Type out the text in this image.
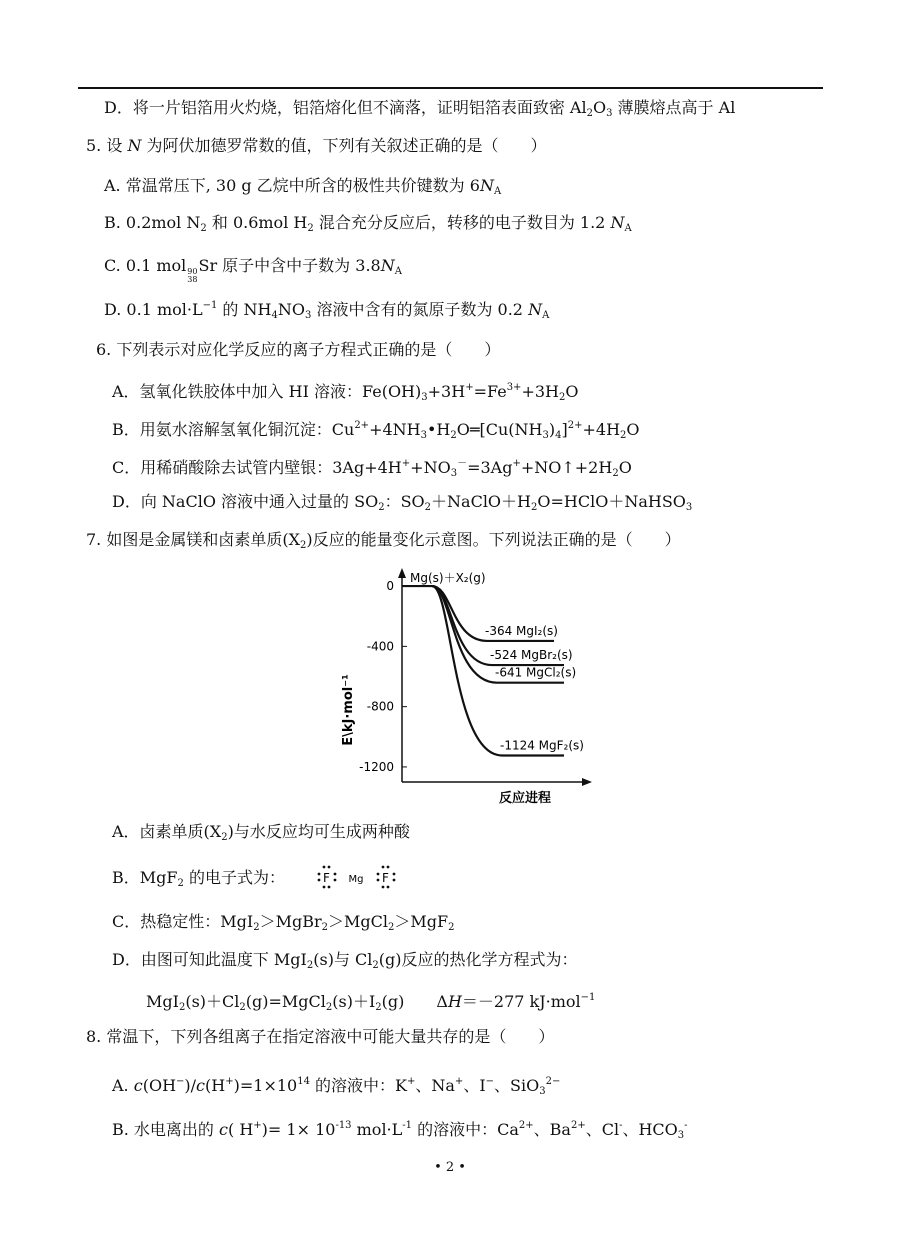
D．将一片铝箔用火灼烧，铝箔熔化但不滴落，证明铝箔表面致密 $Al_2O_3$ 薄膜熔点高于 Al
5. 设 N 为阿伏加德罗常数的值，下列有关叙述正确的是（　　）
A. 常温常压下, 30 g 乙烷中所含的极性共价键数为 $6N_A$
B. 0.2mol $N_2$ 和 0.6mol $H_2$ 混合充分反应后，转移的电子数目为 1.2 $N_A$
C. 0.1 mol 90
38
Sr 原子中含中子数为 $3.8N_A$
D. 0.1 $mol\cdot L^{-1}$ 的 $NH_4NO_3$ 溶液中含有的氮原子数为 0.2 $N_A$
6. 下列表示对应化学反应的离子方程式正确的是（　　）
A．氢氧化铁胶体中加入 HI 溶液：$Fe(OH)_3+3H^+=Fe^{3+}+3H_2O$
B．用氨水溶解氢氧化铜沉淀：$Cu^{2+}+4NH_3•H_2O═[Cu(NH_3)_4]^{2+}+4H_2O$
C．用稀硝酸除去试管内壁银：$3Ag+4H^++NO_3^-=3Ag^++NO↑+2H_2O$
D．向 NaClO 溶液中通入过量的 $SO_2$：$SO_2+NaClO+H_2O=HClO+NaHSO_3$
7. 如图是金属镁和卤素单质$(X_2)$反应的能量变化示意图。下列说法正确的是（　　）
Mg(s)＋X₂(g)
E\kJ·mol⁻¹
反应进程
0
-400
-800
-1200
-364 MgI₂(s)
-524 MgBr₂(s)
-641 MgCl₂(s)
-1124 MgF₂(s)
A．卤素单质$(X_2)$与水反应均可生成两种酸
B．MgF$_2$ 的电子式为：	F Mg F
C．热稳定性：MgI$_2$＞MgBr$_2$＞MgCl$_2$＞MgF$_2$
D．由图可知此温度下 MgI$_2$(s)与 $Cl_2(g)$反应的热化学方程式为：
$MgI_2(s)+Cl_2(g)=MgCl_2(s)+I_2(g)$　　ΔH＝－277 kJ·mol$^{-1}$
8. 常温下，下列各组离子在指定溶液中可能大量共存的是（　　）
A. $c(OH^-)/c(H^+)=1\times 10^{14}$ 的溶液中：K+、Na+、I−、SiO$_3^{2-}$
B. 水电离出的 c( $H^+)= 1\times 10^{-13}$ $mol\cdot L^{-1}$ 的溶液中：$Ca^{2+}$、$Ba^{2+}$、Cl-、$HCO_3^-$
• 2 •
